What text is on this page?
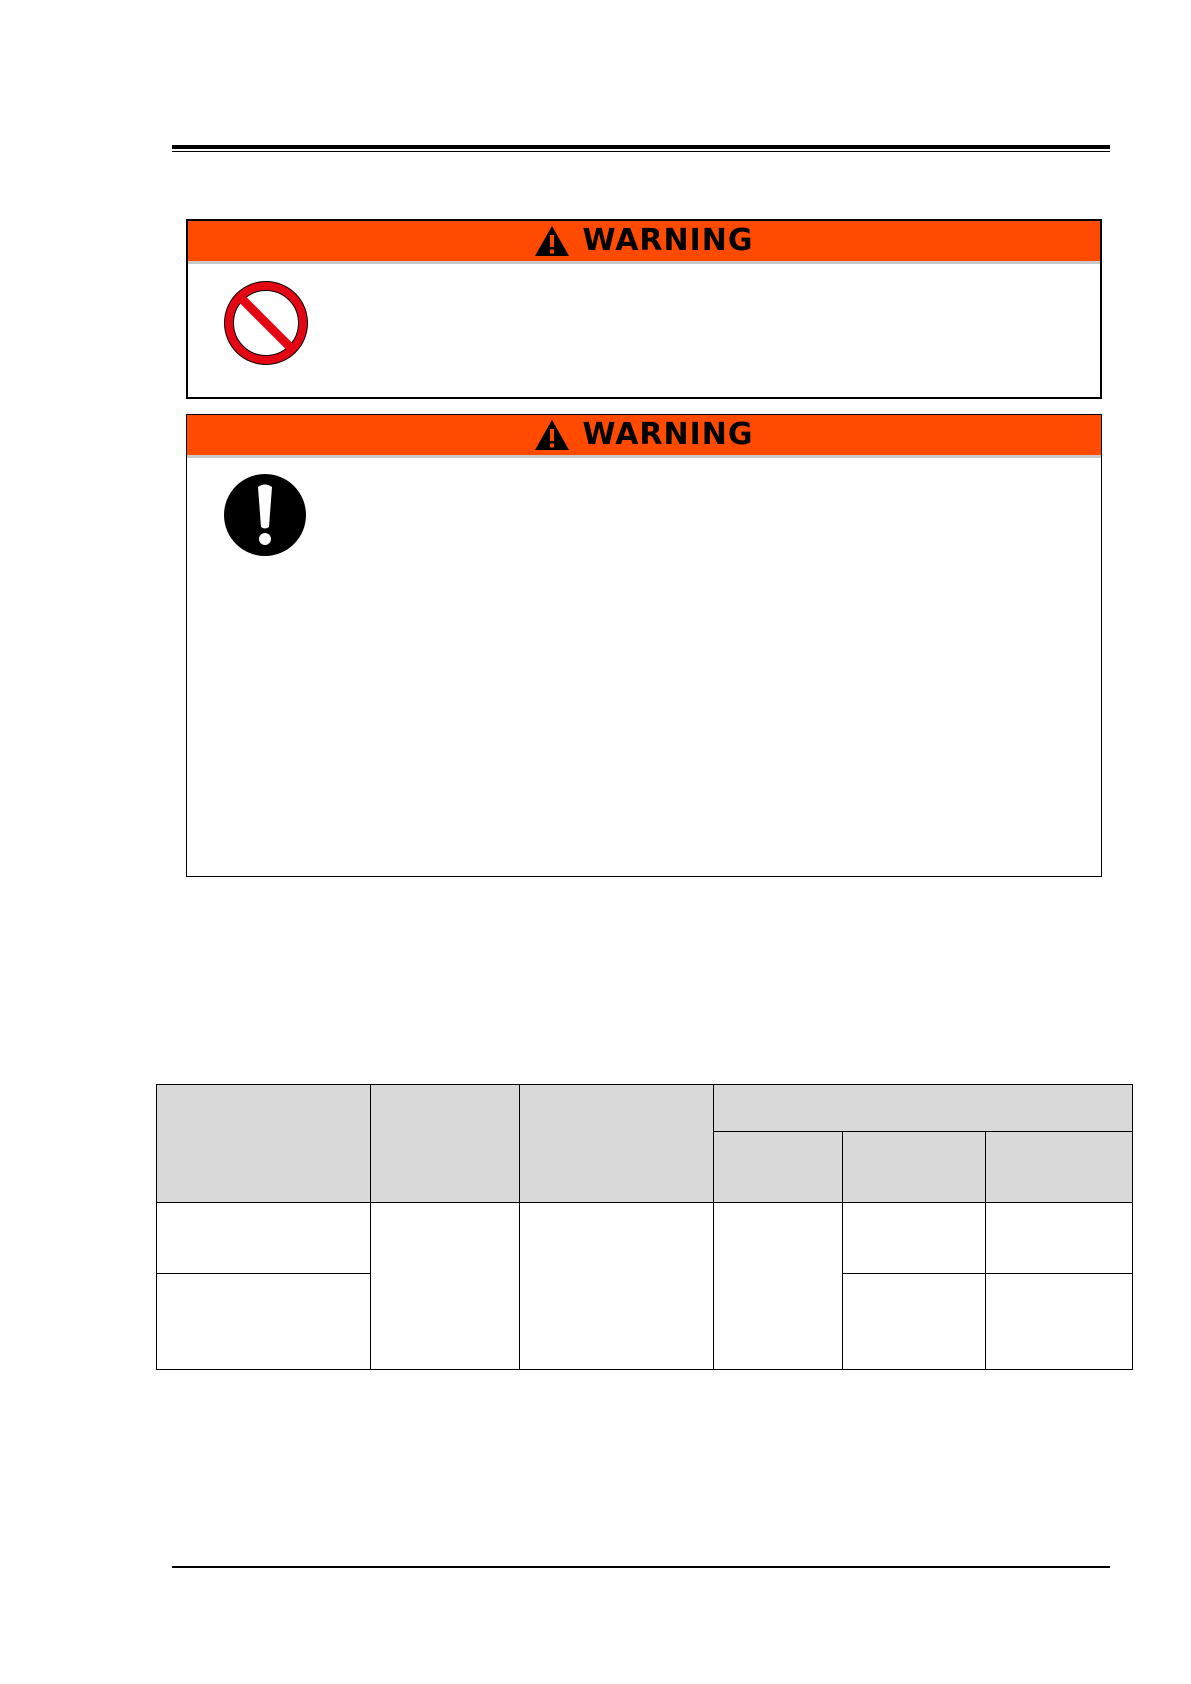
WARNING
WARNING
